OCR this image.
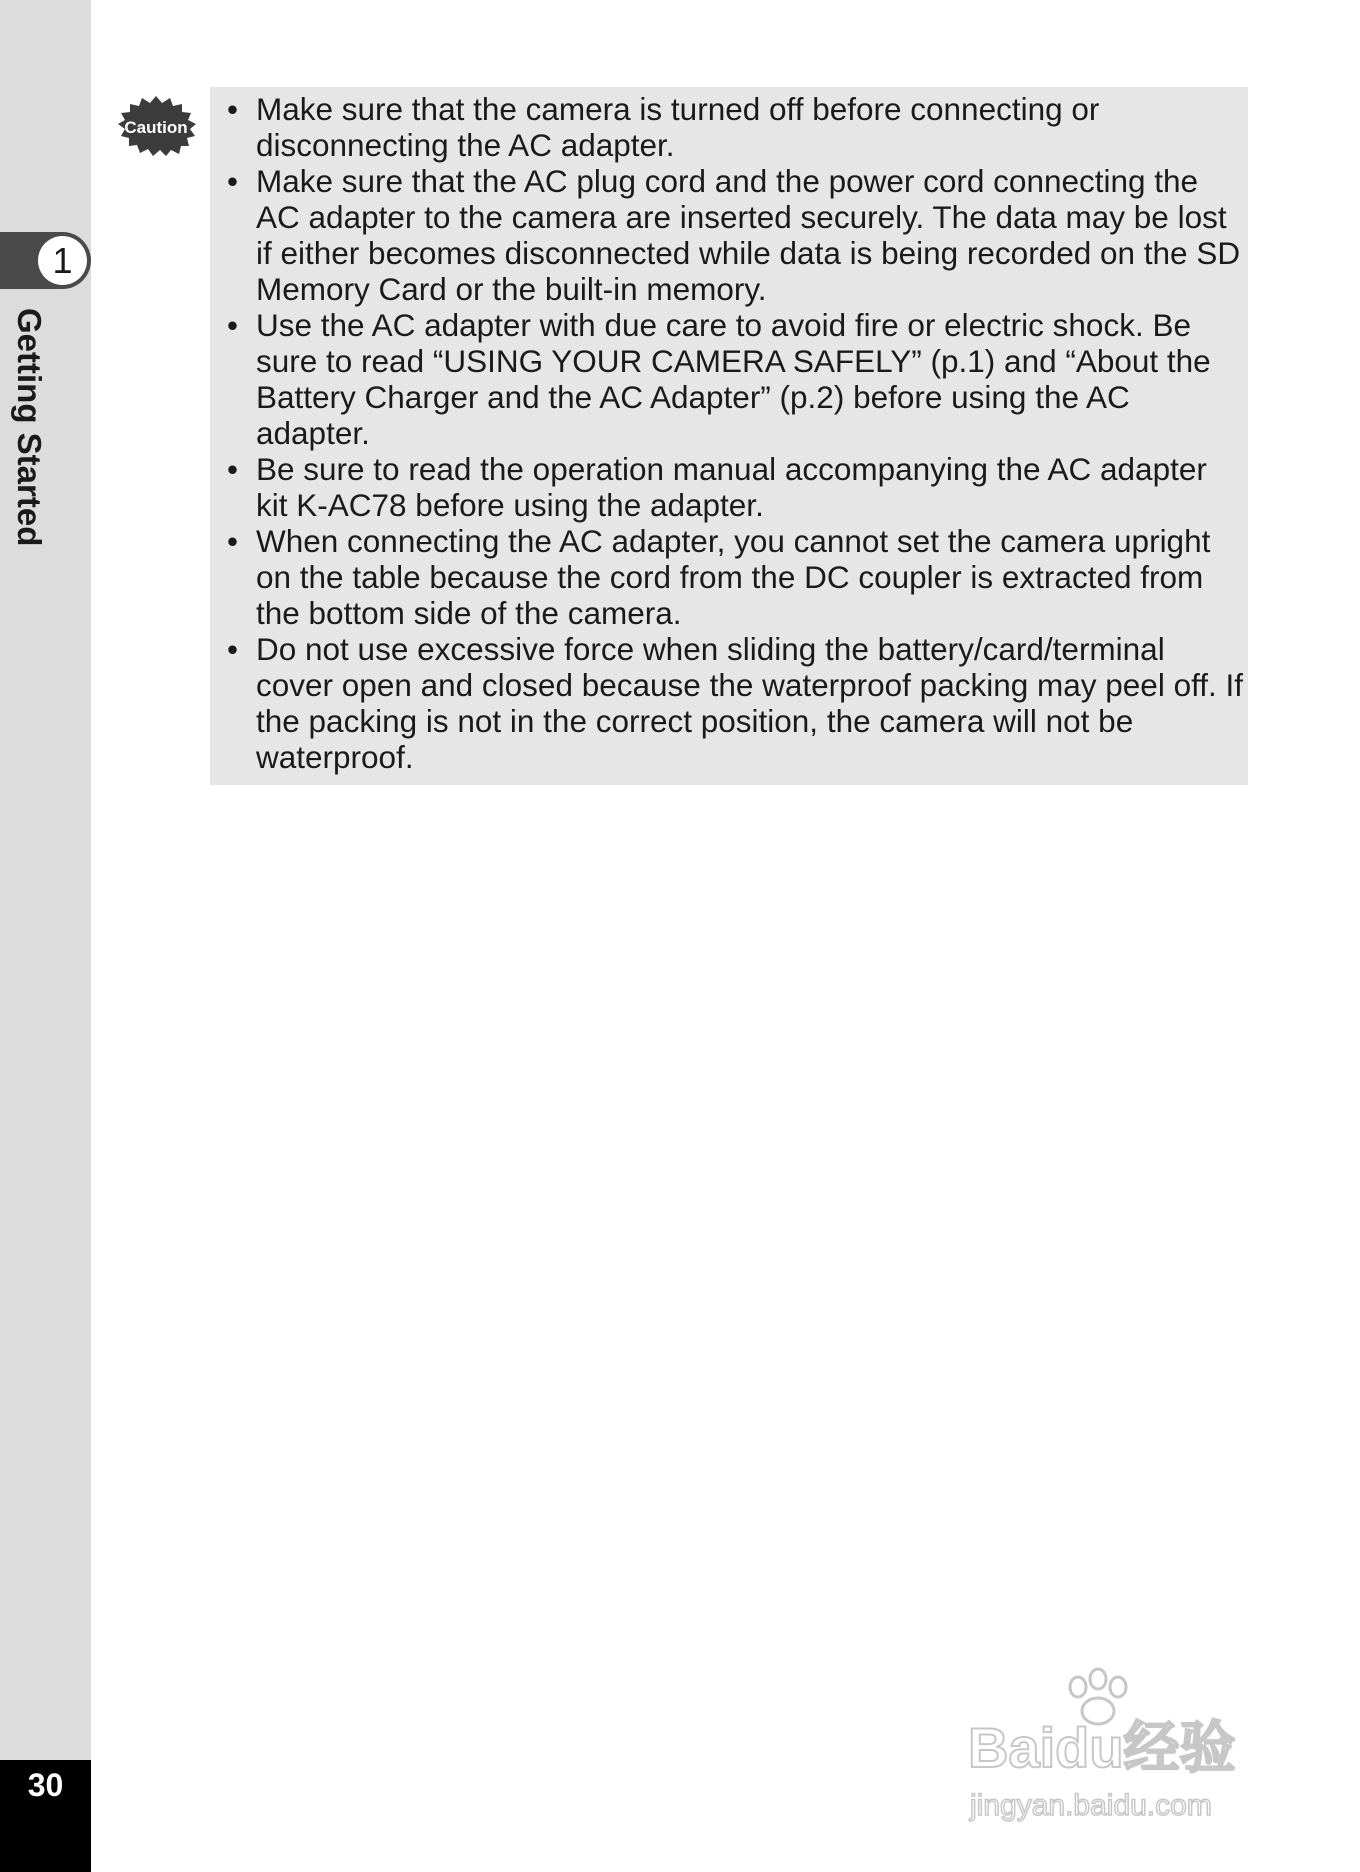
1
Getting Started
30
Caution
• Make sure that the camera is turned off before connecting or disconnecting the AC adapter.
• Make sure that the AC plug cord and the power cord connecting the AC adapter to the camera are inserted securely. The data may be lost if either becomes disconnected while data is being recorded on the SD Memory Card or the built-in memory.
• Use the AC adapter with due care to avoid fire or electric shock. Be sure to read “USING YOUR CAMERA SAFELY” (p.1) and “About the Battery Charger and the AC Adapter” (p.2) before using the AC adapter.
• Be sure to read the operation manual accompanying the AC adapter kit K-AC78 before using the adapter.
• When connecting the AC adapter, you cannot set the camera upright on the table because the cord from the DC coupler is extracted from the bottom side of the camera.
• Do not use excessive force when sliding the battery/card/terminal cover open and closed because the waterproof packing may peel off. If the packing is not in the correct position, the camera will not be waterproof.
Baidu经验
jingyan.baidu.com
